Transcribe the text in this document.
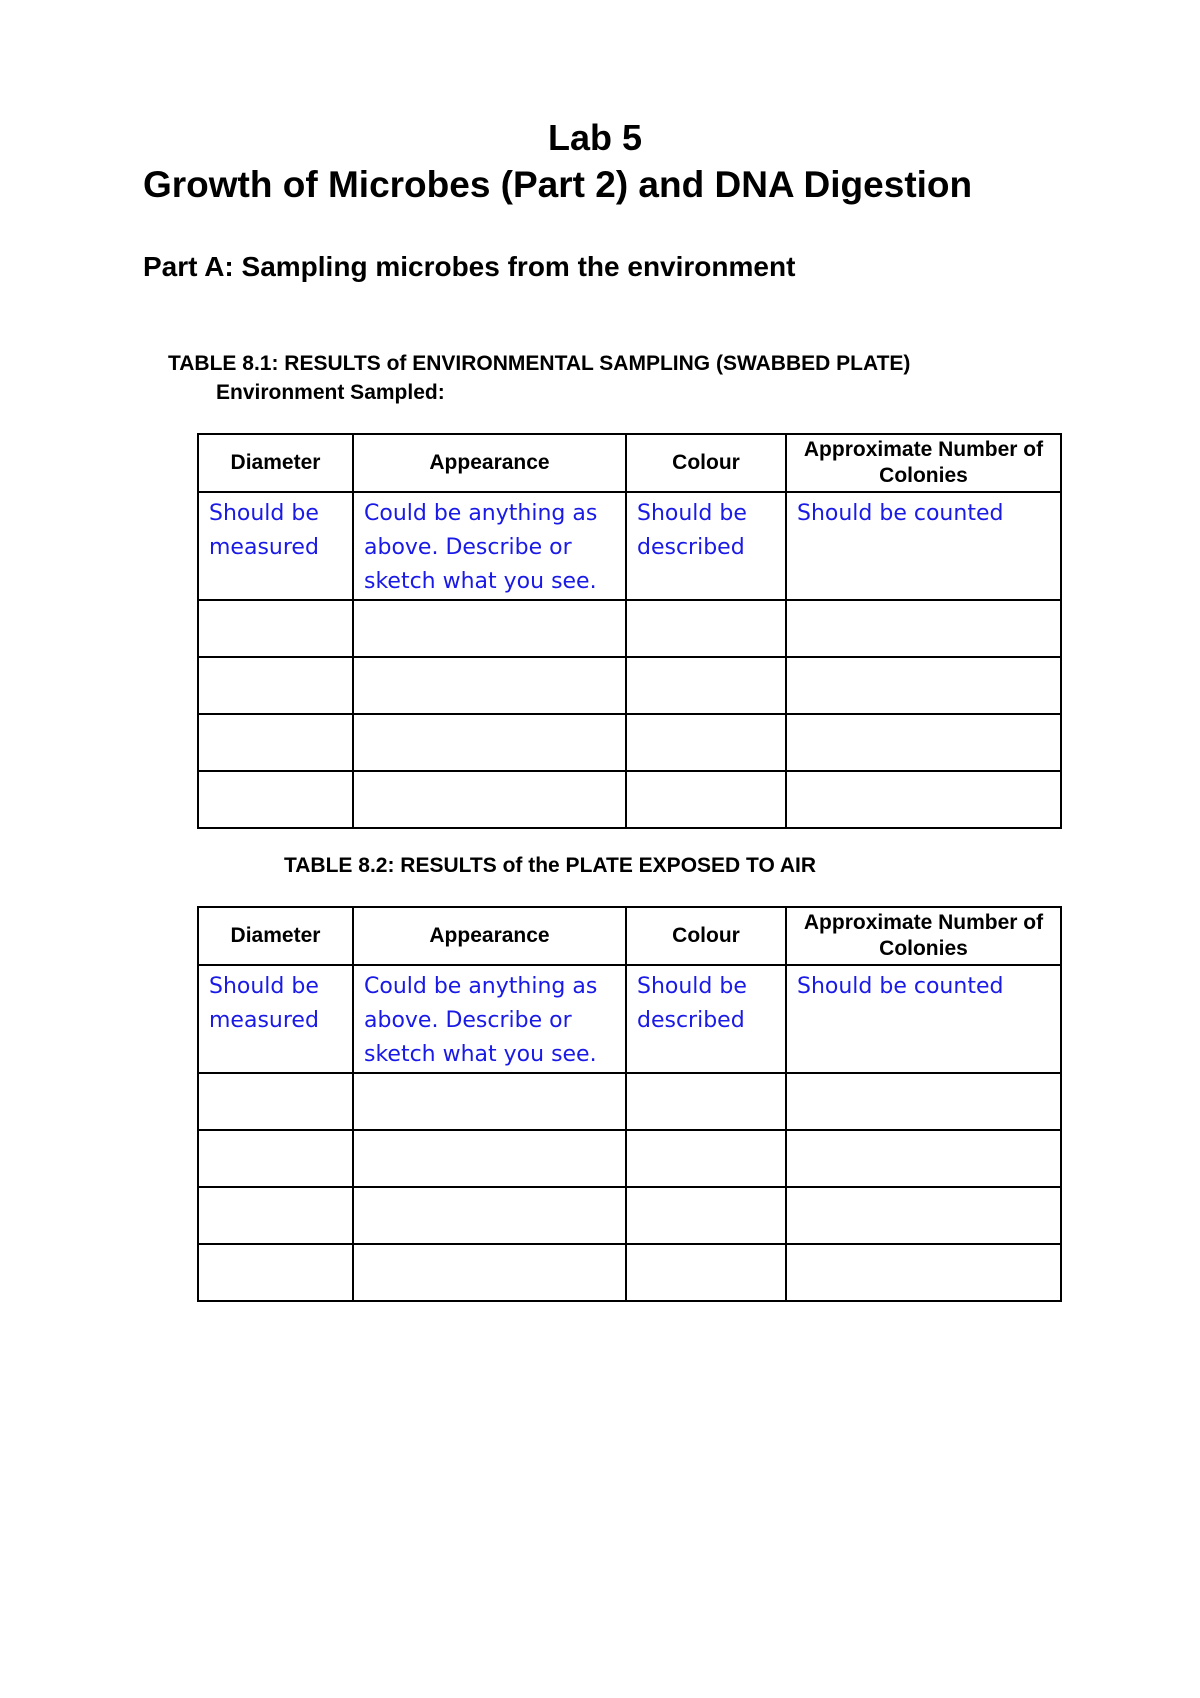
Lab 5
Growth of Microbes (Part 2) and DNA Digestion
Part A: Sampling microbes from the environment
TABLE 8.1: RESULTS of ENVIRONMENTAL SAMPLING (SWABBED PLATE)
Environment Sampled:
Diameter	Appearance	Colour	Approximate Number of Colonies
Should be measured	Could be anything as above. Describe or sketch what you see.	Should be described	Should be counted

TABLE 8.2: RESULTS of the PLATE EXPOSED TO AIR
Diameter	Appearance	Colour	Approximate Number of Colonies
Should be measured	Could be anything as above. Describe or sketch what you see.	Should be described	Should be counted
